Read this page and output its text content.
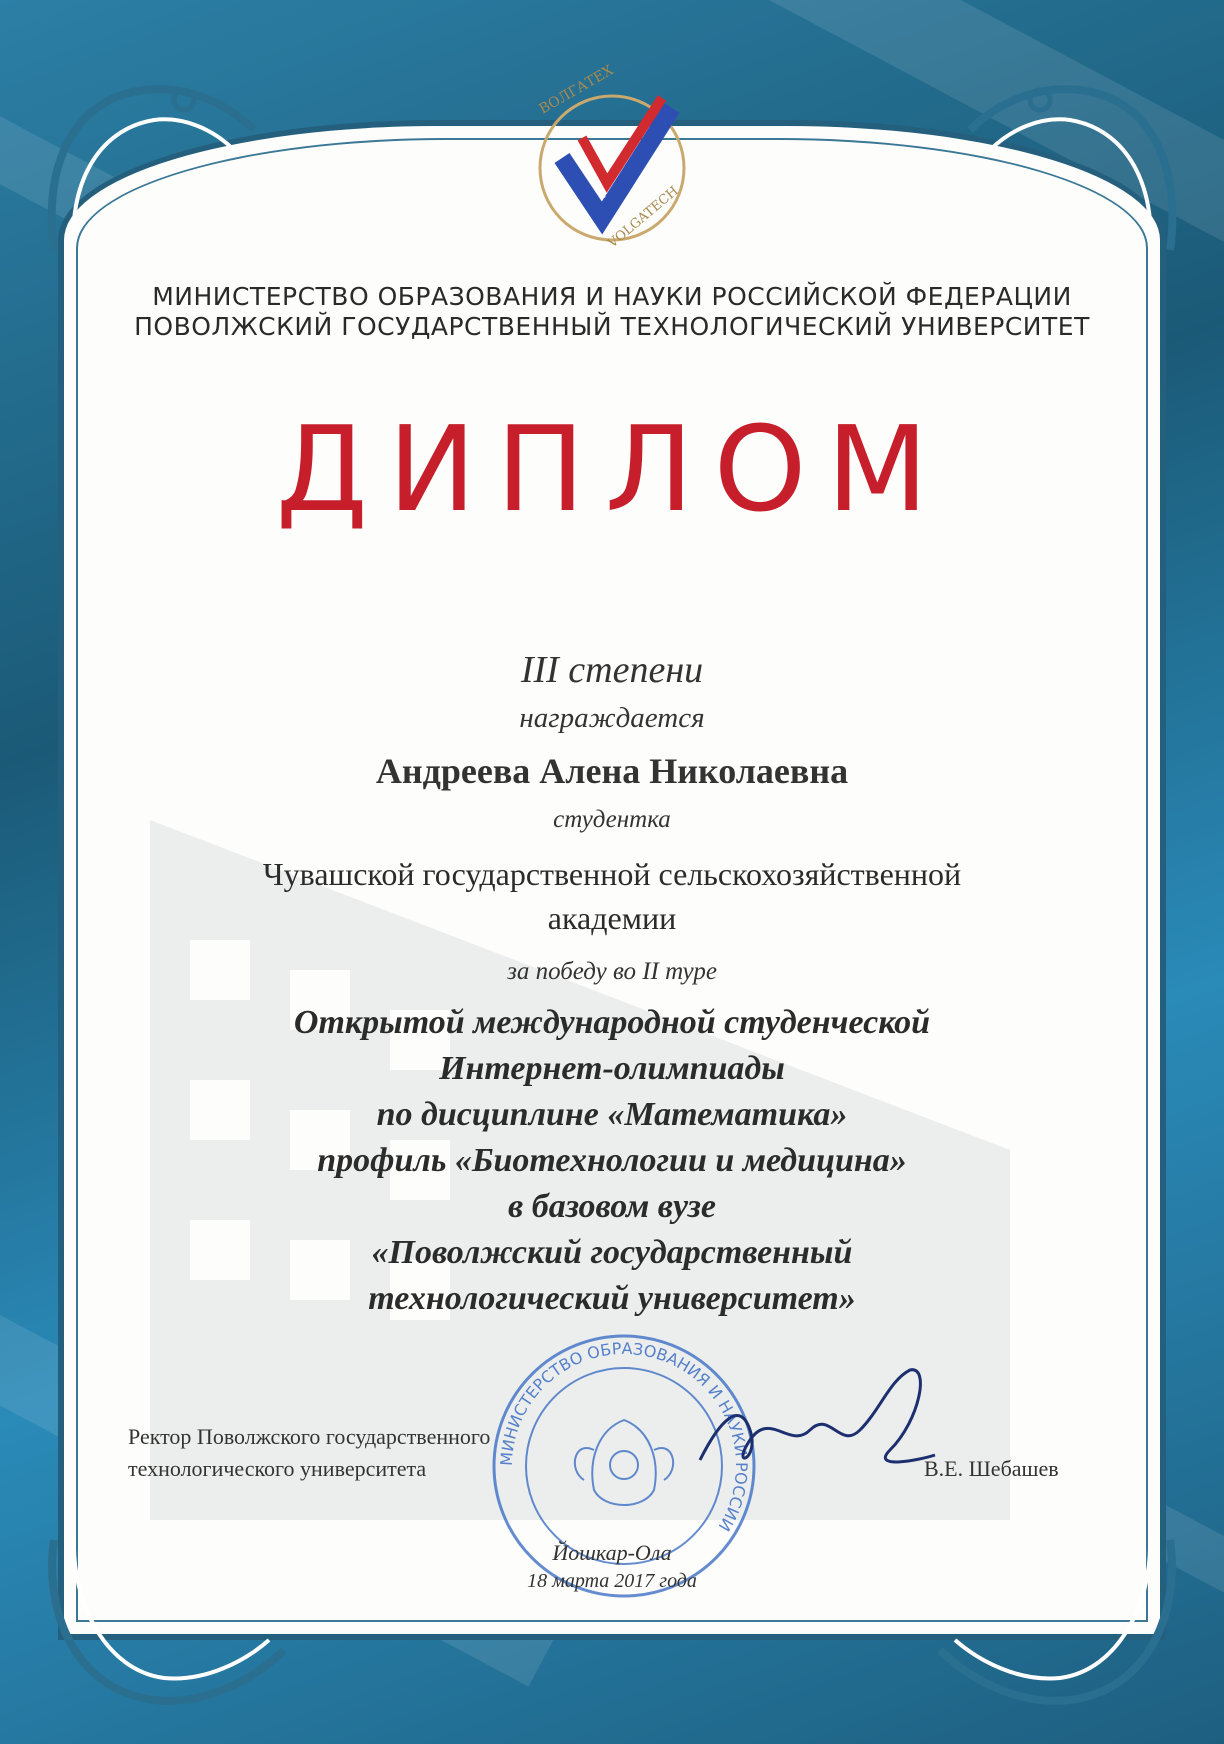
ВОЛГАТЕХ
VOLGATECH

МИНИСТЕРСТВО ОБРАЗОВАНИЯ И НАУКИ РОССИЙСКОЙ ФЕДЕРАЦИИ

ПОВОЛЖСКИЙ ГОСУДАРСТВЕННЫЙ ТЕХНОЛОГИЧЕСКИЙ УНИВЕРСИТЕТ

ДИПЛОМ

III степени

награждается

Андреева Алена Николаевна

студентка

Чувашской государственной сельскохозяйственной

академии

за победу во II туре

Открытой международной студенческой

Интернет-олимпиады

по дисциплине «Математика»

профиль «Биотехнологии и медицина»

в базовом вузе

«Поволжский государственный

технологический университет»

МИНИСТЕРСТВО ОБРАЗОВАНИЯ И НАУКИ РОССИИ
Ректор Поволжского государственного
технологического университета	В.Е. Шебашев
Йошкар-Ола
18 марта 2017 года
